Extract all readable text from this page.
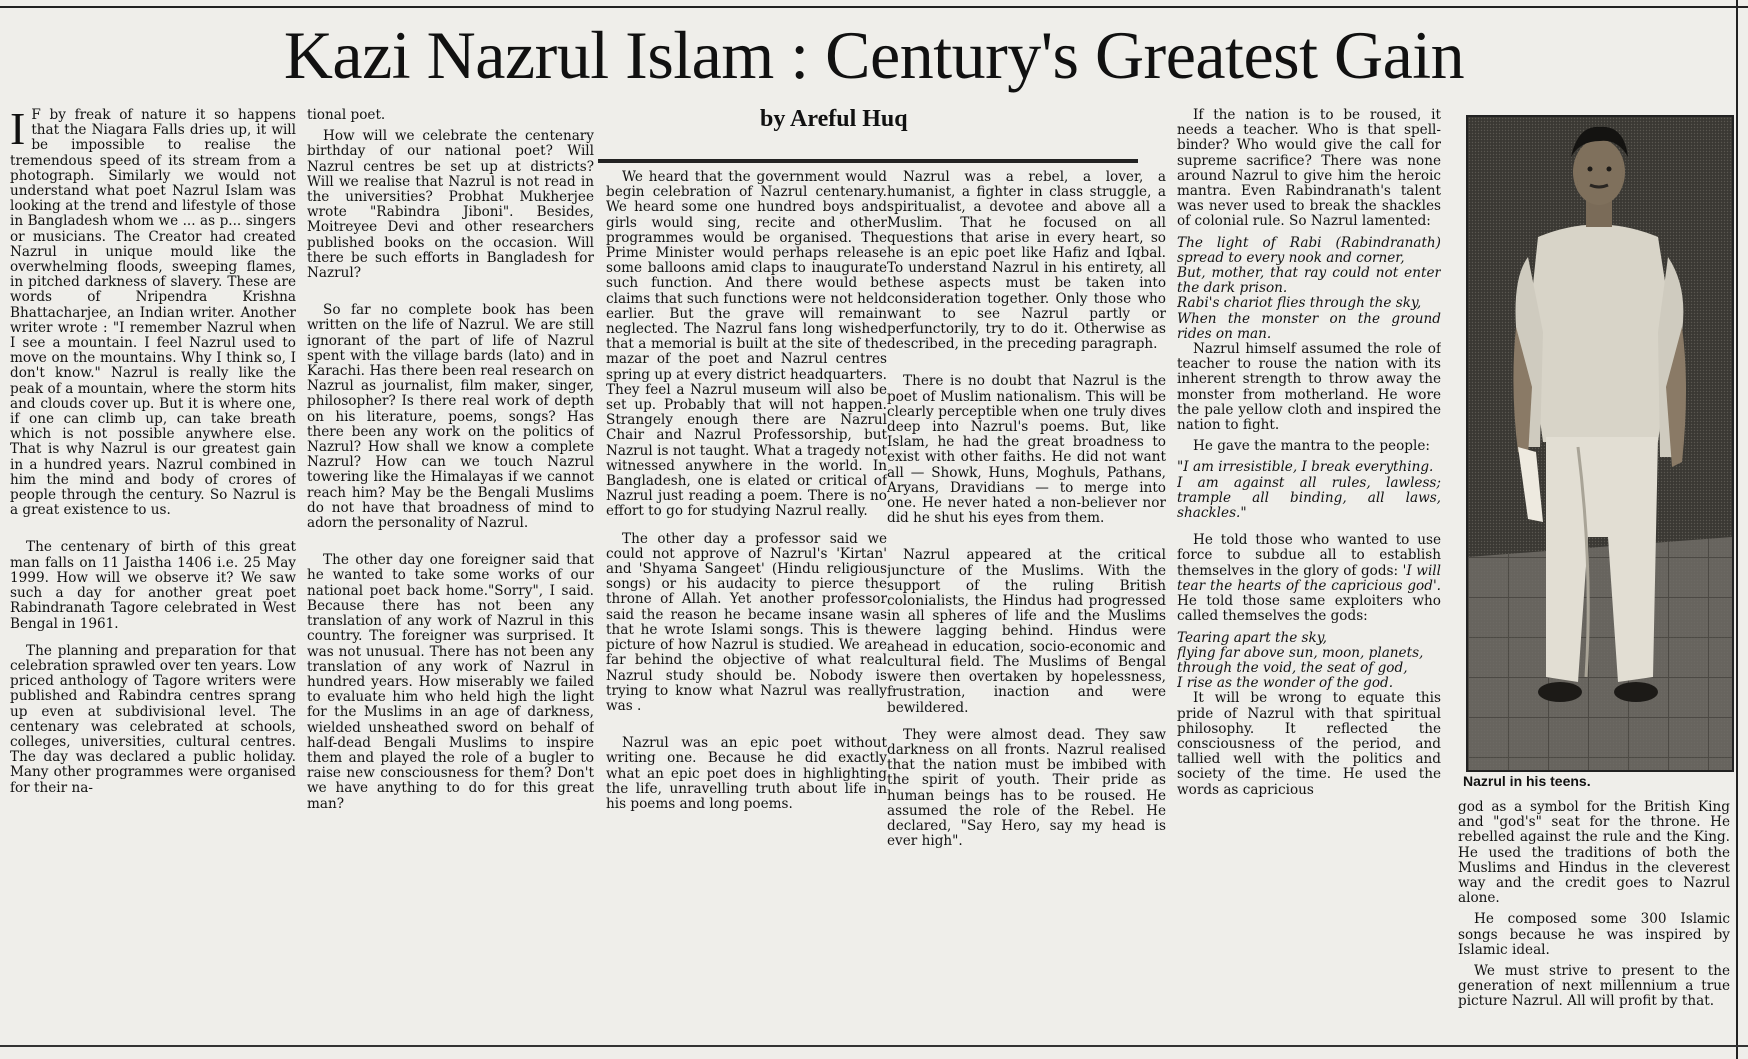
Kazi Nazrul Islam : Century's Greatest Gain
by Areful Huq

I F by freak of nature it so happens that the Niagara Falls dries up, it will be impossible to realise the tremendous speed of its stream from a photograph. Similarly we would not understand what poet Nazrul Islam was looking at the trend and lifestyle of those in Bangladesh whom we ... as p... singers or musicians. The Creator had created Nazrul in unique mould like the overwhelming floods, sweeping flames, in pitched darkness of slavery. These are words of Nripendra Krishna Bhattacharjee, an Indian writer. Another writer wrote : "I remember Nazrul when I see a mountain. I feel Nazrul used to move on the mountains. Why I think so, I don't know." Nazrul is really like the peak of a mountain, where the storm hits and clouds cover up. But it is where one, if one can climb up, can take breath which is not possible anywhere else. That is why Nazrul is our greatest gain in a hundred years. Nazrul combined in him the mind and body of crores of people through the century. So Nazrul is a great existence to us.

The centenary of birth of this great man falls on 11 Jaistha 1406 i.e. 25 May 1999. How will we observe it? We saw such a day for another great poet Rabindranath Tagore celebrated in West Bengal in 1961.

The planning and preparation for that celebration sprawled over ten years. Low priced anthology of Tagore writers were published and Rabindra centres sprang up even at subdivisional level. The centenary was celebrated at schools, colleges, universities, cultural centres. The day was declared a public holiday. Many other programmes were organised for their na-

tional poet.

How will we celebrate the centenary birthday of our national poet? Will Nazrul centres be set up at districts? Will we realise that Nazrul is not read in the universities? Probhat Mukherjee wrote "Rabindra Jiboni". Besides, Moitreyee Devi and other researchers published books on the occasion. Will there be such efforts in Bangladesh for Nazrul?

So far no complete book has been written on the life of Nazrul. We are still ignorant of the part of life of Nazrul spent with the village bards (lato) and in Karachi. Has there been real research on Nazrul as journalist, film maker, singer, philosopher? Is there real work of depth on his literature, poems, songs? Has there been any work on the politics of Nazrul? How shall we know a complete Nazrul? How can we touch Nazrul towering like the Himalayas if we cannot reach him? May be the Bengali Muslims do not have that broadness of mind to adorn the personality of Nazrul.

The other day one foreigner said that he wanted to take some works of our national poet back home."Sorry", I said. Because there has not been any translation of any work of Nazrul in this country. The foreigner was surprised. It was not unusual. There has not been any translation of any work of Nazrul in hundred years. How miserably we failed to evaluate him who held high the light for the Muslims in an age of darkness, wielded unsheathed sword on behalf of half-dead Bengali Muslims to inspire them and played the role of a bugler to raise new consciousness for them? Don't we have anything to do for this great man?

We heard that the government would begin celebration of Nazrul centenary. We heard some one hundred boys and girls would sing, recite and other programmes would be organised. The Prime Minister would perhaps release some balloons amid claps to inaugurate such function. And there would be claims that such functions were not held earlier. But the grave will remain neglected. The Nazrul fans long wished that a memorial is built at the site of the mazar of the poet and Nazrul centres spring up at every district headquarters. They feel a Nazrul museum will also be set up. Probably that will not happen. Strangely enough there are Nazrul Chair and Nazrul Professorship, but Nazrul is not taught. What a tragedy not witnessed anywhere in the world. In Bangladesh, one is elated or critical of Nazrul just reading a poem. There is no effort to go for studying Nazrul really.

The other day a professor said we could not approve of Nazrul's 'Kirtan' and 'Shyama Sangeet' (Hindu religious songs) or his audacity to pierce the throne of Allah. Yet another professor said the reason he became insane was that he wrote Islami songs. This is the picture of how Nazrul is studied. We are far behind the objective of what real Nazrul study should be. Nobody is trying to know what Nazrul was really was .

Nazrul was an epic poet without writing one. Because he did exactly what an epic poet does in highlighting the life, unravelling truth about life in his poems and long poems.

Nazrul was a rebel, a lover, a humanist, a fighter in class struggle, a spiritualist, a devotee and above all a Muslim. That he focused on all questions that arise in every heart, so he is an epic poet like Hafiz and Iqbal. To understand Nazrul in his entirety, all these aspects must be taken into consideration together. Only those who want to see Nazrul partly or perfunctorily, try to do it. Otherwise as described, in the preceding paragraph.

There is no doubt that Nazrul is the poet of Muslim nationalism. This will be clearly perceptible when one truly dives deep into Nazrul's poems. But, like Islam, he had the great broadness to exist with other faiths. He did not want all — Showk, Huns, Moghuls, Pathans, Aryans, Dravidians — to merge into one. He never hated a non-believer nor did he shut his eyes from them.

Nazrul appeared at the critical juncture of the Muslims. With the support of the ruling British colonialists, the Hindus had progressed in all spheres of life and the Muslims were lagging behind. Hindus were ahead in education, socio-economic and cultural field. The Muslims of Bengal were then overtaken by hopelessness, frustration, inaction and were bewildered.

They were almost dead. They saw darkness on all fronts. Nazrul realised that the nation must be imbibed with the spirit of youth. Their pride as human beings has to be roused. He assumed the role of the Rebel. He declared, "Say Hero, say my head is ever high".

If the nation is to be roused, it needs a teacher. Who is that spell-binder? Who would give the call for supreme sacrifice? There was none around Nazrul to give him the heroic mantra. Even Rabindranath's talent was never used to break the shackles of colonial rule. So Nazrul lamented:

The light of Rabi (Rabindranath) spread to every nook and corner,

But, mother, that ray could not enter the dark prison.

Rabi's chariot flies through the sky,

When the monster on the ground rides on man.

Nazrul himself assumed the role of teacher to rouse the nation with its inherent strength to throw away the monster from motherland. He wore the pale yellow cloth and inspired the nation to fight.

He gave the mantra to the people:

"I am irresistible, I break everything.

I am against all rules, lawless; trample all binding, all laws, shackles."

He told those who wanted to use force to subdue all to establish themselves in the glory of gods: 'I will tear the hearts of the capricious god'. He told those same exploiters who called themselves the gods:

Tearing apart the sky,

flying far above sun, moon, planets,

through the void, the seat of god,

I rise as the wonder of the god.

It will be wrong to equate this pride of Nazrul with that spiritual philosophy. It reflected the consciousness of the period, and tallied well with the politics and society of the time. He used the words as capricious

Nazrul in his teens.

god as a symbol for the British King and "god's" seat for the throne. He rebelled against the rule and the King. He used the traditions of both the Muslims and Hindus in the cleverest way and the credit goes to Nazrul alone.

He composed some 300 Islamic songs because he was inspired by Islamic ideal.

We must strive to present to the generation of next millennium a true picture Nazrul. All will profit by that.
